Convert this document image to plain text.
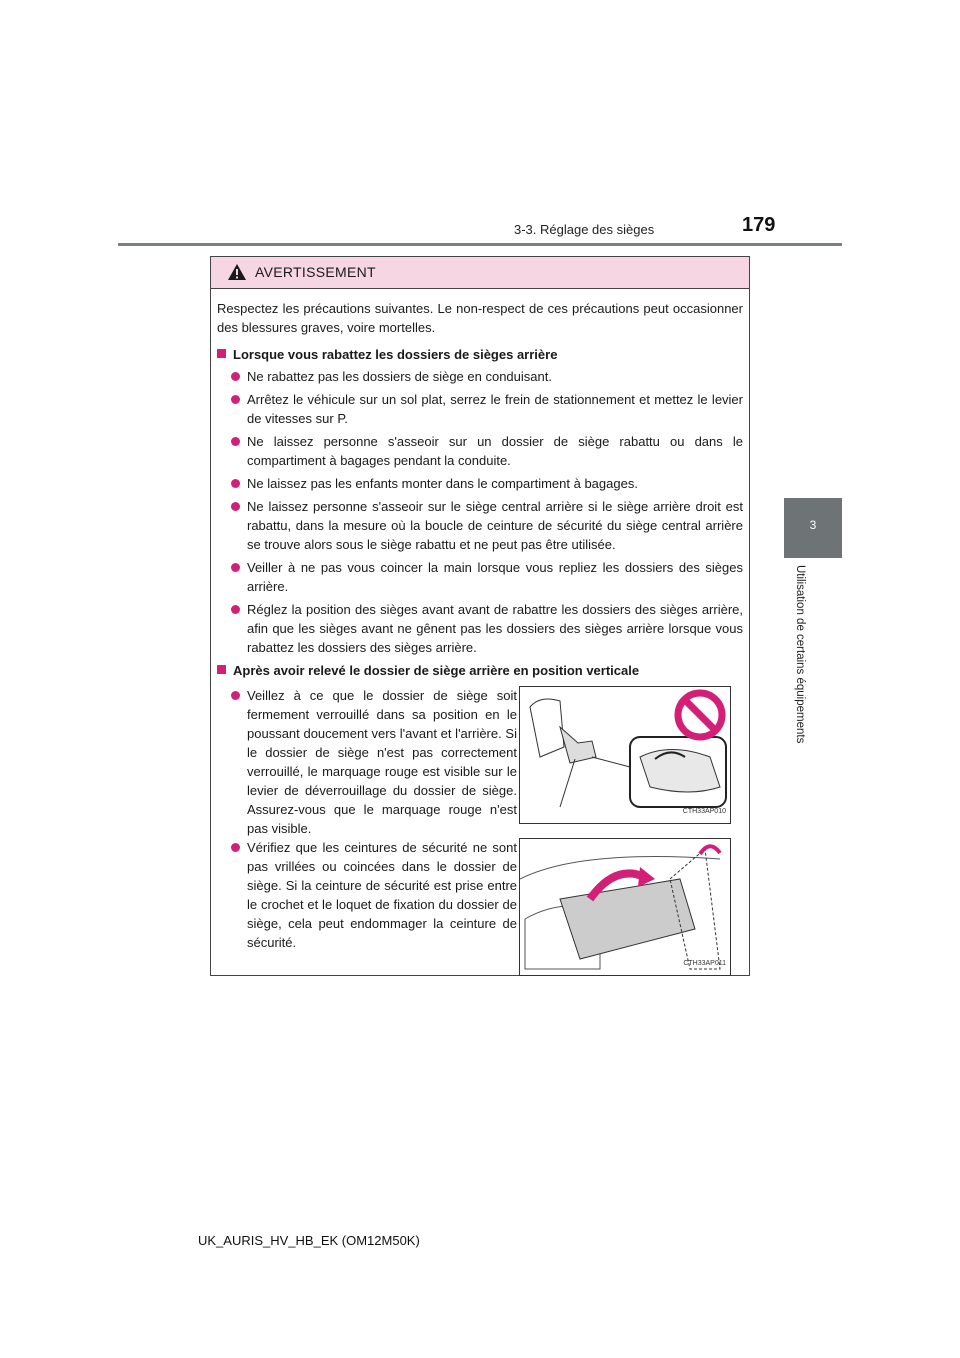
3-3. Réglage des sièges	179
3
Utilisation de certains équipements
AVERTISSEMENT

Respectez les précautions suivantes. Le non-respect de ces précautions peut occasionner des blessures graves, voire mortelles.

Lorsque vous rabattez les dossiers de sièges arrière
Ne rabattez pas les dossiers de siège en conduisant.
Arrêtez le véhicule sur un sol plat, serrez le frein de stationnement et mettez le levier de vitesses sur P.
Ne laissez personne s'asseoir sur un dossier de siège rabattu ou dans le compartiment à bagages pendant la conduite.
Ne laissez pas les enfants monter dans le compartiment à bagages.
Ne laissez personne s'asseoir sur le siège central arrière si le siège arrière droit est rabattu, dans la mesure où la boucle de ceinture de sécurité du siège central arrière se trouve alors sous le siège rabattu et ne peut pas être utilisée.
Veiller à ne pas vous coincer la main lorsque vous repliez les dossiers des sièges arrière.
Réglez la position des sièges avant avant de rabattre les dossiers des sièges arrière, afin que les sièges avant ne gênent pas les dossiers des sièges arrière lorsque vous rabattez les dossiers des sièges arrière.
Après avoir relevé le dossier de siège arrière en position verticale
Veillez à ce que le dossier de siège soit fermement verrouillé dans sa position en le poussant doucement vers l'avant et l'arrière. Si le dossier de siège n'est pas correctement verrouillé, le marquage rouge est visible sur le levier de déverrouillage du dossier de siège. Assurez-vous que le marquage rouge n'est pas visible.
CTH33AP010
Vérifiez que les ceintures de sécurité ne sont pas vrillées ou coincées dans le dossier de siège. Si la ceinture de sécurité est prise entre le crochet et le loquet de fixation du dossier de siège, cela peut endommager la ceinture de sécurité.
CTH33AP011
UK_AURIS_HV_HB_EK (OM12M50K)
